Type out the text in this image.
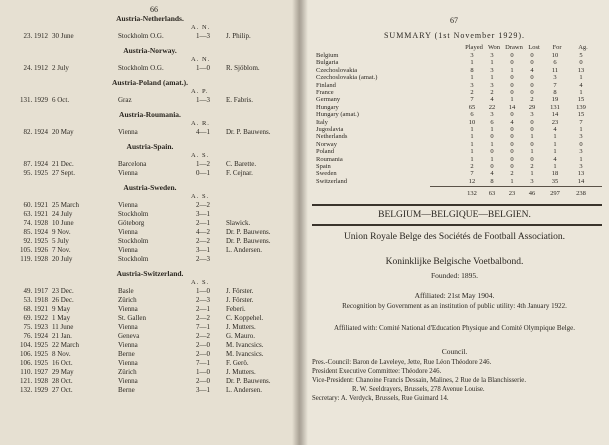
66
Austria-Netherlands.
A. N.
23. 1912 30 June	Stockholm O.G.	1—3	J. Philip.
Austria-Norway.
A. N.
24. 1912 2 July	Stockholm O.G.	1—0	R. Sjöblom.
Austria-Poland (amat.).
A. P.
131. 1929 6 Oct.	Graz	1—3	E. Fabris.
Austria-Roumania.
A. R.
82. 1924 20 May	Vienna	4—1	Dr. P. Bauwens.
Austria-Spain.
A. S.
87. 1924 21 Dec.	Barcelona	1—2	C. Barette.
95. 1925 27 Sept.	Vienna	0—1	F. Cejnar.
Austria-Sweden.
A. S.
60. 1921 25 March	Vienna	2—2
63. 1921 24 July	Stockholm	3—1
74. 1928 10 June	Göteborg	2—1	Slawick.
85. 1924 9 Nov.	Vienna	4—2	Dr. P. Bauwens.
92. 1925 5 July	Stockholm	2—2	Dr. P. Bauwens.
105. 1926 7 Nov.	Vienna	3—1	L. Andersen.
119. 1928 20 July	Stockholm	2—3
Austria-Switzerland.
A. S.
49. 1917 23 Dec.	Basle	1—0	J. Förster.
53. 1918 26 Dec.	Zürich	2—3	J. Förster.
68. 1921 9 May	Vienna	2—1	Feberi.
69. 1922 1 May	St. Gallen	2—2	C. Koppehel.
75. 1923 11 June	Vienna	7—1	J. Mutters.
76. 1924 21 Jan.	Geneva	2—2	G. Mauro.
104. 1925 22 March	Vienna	2—0	M. Ivancsics.
106. 1925 8 Nov.	Berne	2—0	M. Ivancsics.
106. 1925 16 Oct.	Vienna	7—1	F. Gerö.
110. 1927 29 May	Zürich	1—0	J. Mutters.
121. 1928 28 Oct.	Vienna	2—0	Dr. P. Bauwens.
132. 1929 27 Oct.	Berne	3—1	L. Andersen.
67
SUMMARY (1st November 1929).
Played Won Drawn Lost	For	Ag.
Belgium	3	3	0	0	10	5
Bulgaria	1	1	0	0	6	0
Czechoslovakia	8	3	1	4	11	13
Czechoslovakia (amat.)	1	1	0	0	3	1
Finland	3	3	0	0	7	4
France	2	2	0	0	8	1
Germany	7	4	1	2	19	15
Hungary	65	22	14	29	131	139
Hungary (amat.)	6	3	0	3	14	15
Italy	10	6	4	0	23	7
Jugoslavia	1	1	0	0	4	1
Netherlands	1	0	0	1	1	3
Norway	1	1	0	0	1	0
Poland	1	0	0	1	1	3
Roumania	1	1	0	0	4	1
Spain	2	0	0	2	1	3
Sweden	7	4	2	1	18	13
Switzerland	12	8	1	3	35	14
132	63	23	46	297	238
BELGIUM—BELGIQUE—BELGIEN.
Union Royale Belge des Sociétés de Football Association.
Koninklijke Belgische Voetbalbond.
Founded: 1895.
Affiliated: 21st May 1904.
Recognition by Government as an institution of public utility: 4th January 1922.
Affiliated with: Comité National d'Education Physique and Comité Olympique Belge.
Council.
Pres.-Council: Baron de Laveleye, Jette, Rue Léon Théodore 246.
President Executive Committee: Théodore 246.
Vice-President: Chanoine Francis Dessain, Malines, 2 Rue de la Blanchisserie.
R. W. Seeldrayers, Brussels, 278 Avenue Louise.
Secretary: A. Verdyck, Brussels, Rue Guimard 14.
